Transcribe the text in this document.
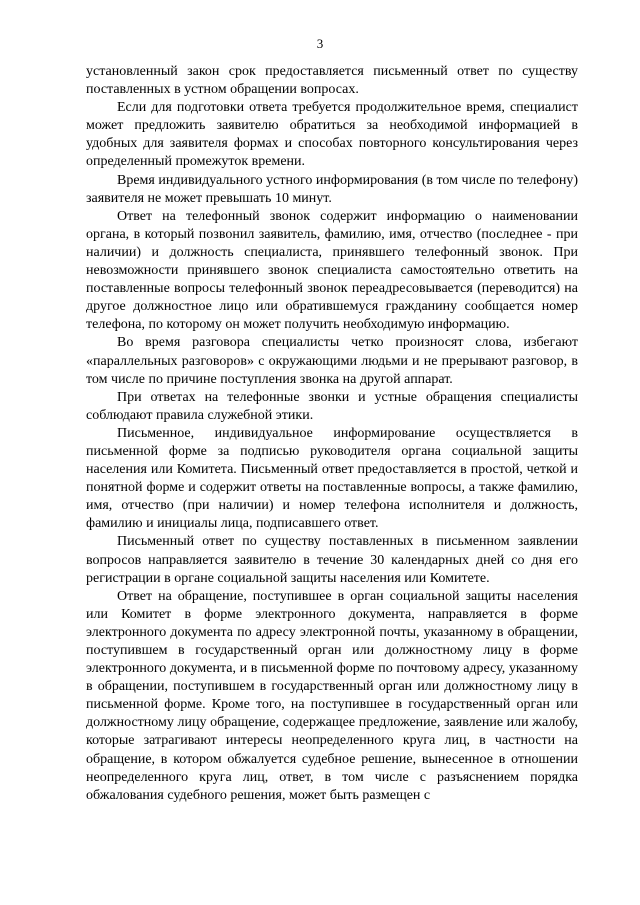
3

установленный закон срок предоставляется письменный ответ по существу поставленных в устном обращении вопросах.

Если для подготовки ответа требуется продолжительное время, специалист может предложить заявителю обратиться за необходимой информацией в удобных для заявителя формах и способах повторного консультирования через определенный промежуток времени.

Время индивидуального устного информирования (в том числе по телефону) заявителя не может превышать 10 минут.

Ответ на телефонный звонок содержит информацию о наименовании органа, в который позвонил заявитель, фамилию, имя, отчество (последнее - при наличии) и должность специалиста, принявшего телефонный звонок. При невозможности принявшего звонок специалиста самостоятельно ответить на поставленные вопросы телефонный звонок переадресовывается (переводится) на другое должностное лицо или обратившемуся гражданину сообщается номер телефона, по которому он может получить необходимую информацию.

Во время разговора специалисты четко произносят слова, избегают «параллельных разговоров» с окружающими людьми и не прерывают разговор, в том числе по причине поступления звонка на другой аппарат.

При ответах на телефонные звонки и устные обращения специалисты соблюдают правила служебной этики.

Письменное, индивидуальное информирование осуществляется в письменной форме за подписью руководителя органа социальной защиты населения или Комитета. Письменный ответ предоставляется в простой, четкой и понятной форме и содержит ответы на поставленные вопросы, а также фамилию, имя, отчество (при наличии) и номер телефона исполнителя и должность, фамилию и инициалы лица, подписавшего ответ.

Письменный ответ по существу поставленных в письменном заявлении вопросов направляется заявителю в течение 30 календарных дней со дня его регистрации в органе социальной защиты населения или Комитете.

Ответ на обращение, поступившее в орган социальной защиты населения или Комитет в форме электронного документа, направляется в форме электронного документа по адресу электронной почты, указанному в обращении, поступившем в государственный орган или должностному лицу в форме электронного документа, и в письменной форме по почтовому адресу, указанному в обращении, поступившем в государственный орган или должностному лицу в письменной форме. Кроме того, на поступившее в государственный орган или должностному лицу обращение, содержащее предложение, заявление или жалобу, которые затрагивают интересы неопределенного круга лиц, в частности на обращение, в котором обжалуется судебное решение, вынесенное в отношении неопределенного круга лиц, ответ, в том числе с разъяснением порядка обжалования судебного решения, может быть размещен с
